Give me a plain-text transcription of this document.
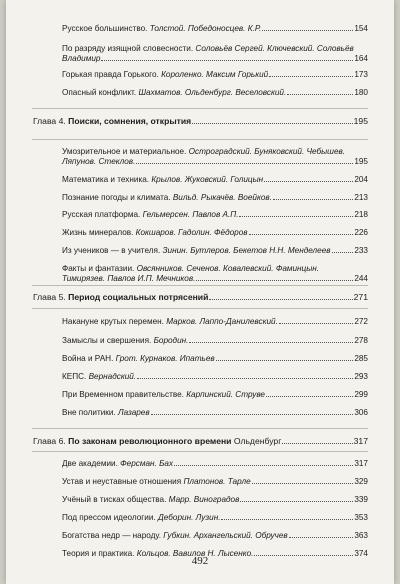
Русское большинство. Толстой. Победоносцев. К.Р.	154
По разряду изящной словесности. Соловьёв Сергей. Ключевский. Соловьёв
Владимир	164
Горькая правда Горького. Короленко. Максим Горький	173
Опасный конфликт. Шахматов. Ольденбург. Веселовский.	180
Глава 4. Поиски, сомнения, открытия	195
Умозрительное и материальное. Остроградский. Буняковский. Чебышев.
Ляпунов. Стеклов.	195
Математика и техника. Крылов. Жуковский. Голицын	204
Познание погоды и климата. Вильд. Рыкачёв. Воейков.	213
Русская платформа. Гельмерсен. Павлов А.П.	218
Жизнь минералов. Кокшаров. Гадолин. Фёдоров	226
Из учеников — в учителя. Зинин. Бутлеров. Бекетов Н.Н. Менделеев	233
Факты и фантазии. Овсянников. Сеченов. Ковалевский. Фаминцын.
Тимирязев. Павлов И.П. Мечников.	244
Глава 5. Период социальных потрясений	271
Накануне крутых перемен. Марков. Лаппо-Данилевский.	272
Замыслы и свершения. Бородин.	278
Война и РАН. Грот. Курнаков. Ипатьев	285
КЕПС. Вернадский.	293
При Временном правительстве. Карпинский. Струве	299
Вне политики. Лазарев	306
Глава 6. По законам революционного времени Ольденбург	317
Две академии. Ферсман. Бах	317
Устав и неуставные отношения Платонов. Тарле	329
Учёный в тисках общества. Марр. Виноградов	339
Под прессом идеологии. Деборин. Лузин.	353
Богатства недр — народу. Губкин. Архангельский. Обручев	363
Теория и практика. Кольцов. Вавилов Н. Лысенко.	374
492
